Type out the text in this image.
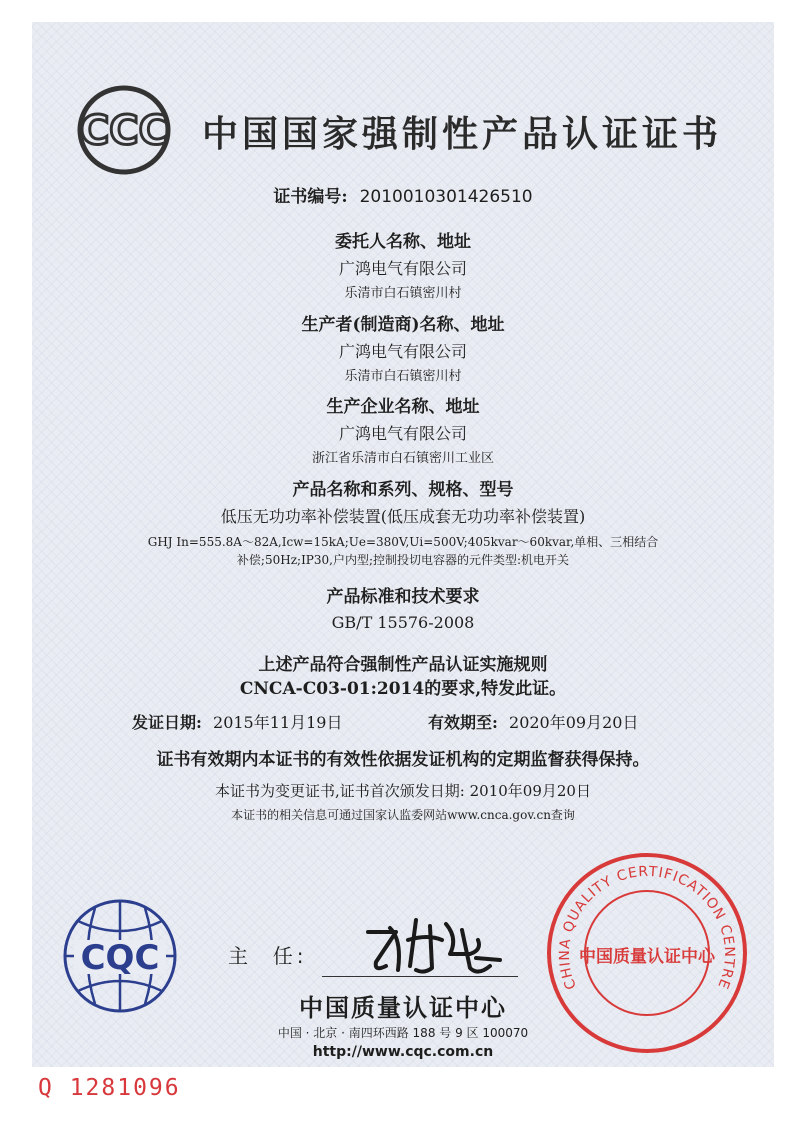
CCC 中国国家强制性产品认证证书
证书编号: 2010010301426510
委托人名称、地址
广鸿电气有限公司
乐清市白石镇密川村
生产者(制造商)名称、地址
广鸿电气有限公司
乐清市白石镇密川村
生产企业名称、地址
广鸿电气有限公司
浙江省乐清市白石镇密川工业区
产品名称和系列、规格、型号
低压无功功率补偿装置(低压成套无功功率补偿装置)
GHJ In=555.8A～82A,Icw=15kA;Ue=380V,Ui=500V;405kvar～60kvar,单相、三相结合
补偿;50Hz;IP30,户内型;控制投切电容器的元件类型:机电开关
产品标准和技术要求
GB/T 15576-2008
上述产品符合强制性产品认证实施规则
CNCA-C03-01:2014的要求,特发此证。
发证日期: 2015年11月19日	有效期至: 2020年09月20日
证书有效期内本证书的有效性依据发证机构的定期监督获得保持。
本证书为变更证书,证书首次颁发日期: 2010年09月20日
本证书的相关信息可通过国家认监委网站www.cnca.gov.cn查询
CQC	主  任:
中国质量认证中心
中国 · 北京 · 南四环西路 188 号 9 区 100070
http://www.cqc.com.cn
CHINA QUALITY CERTIFICATION CENTRE
中国质量认证中心
Q 1281096
